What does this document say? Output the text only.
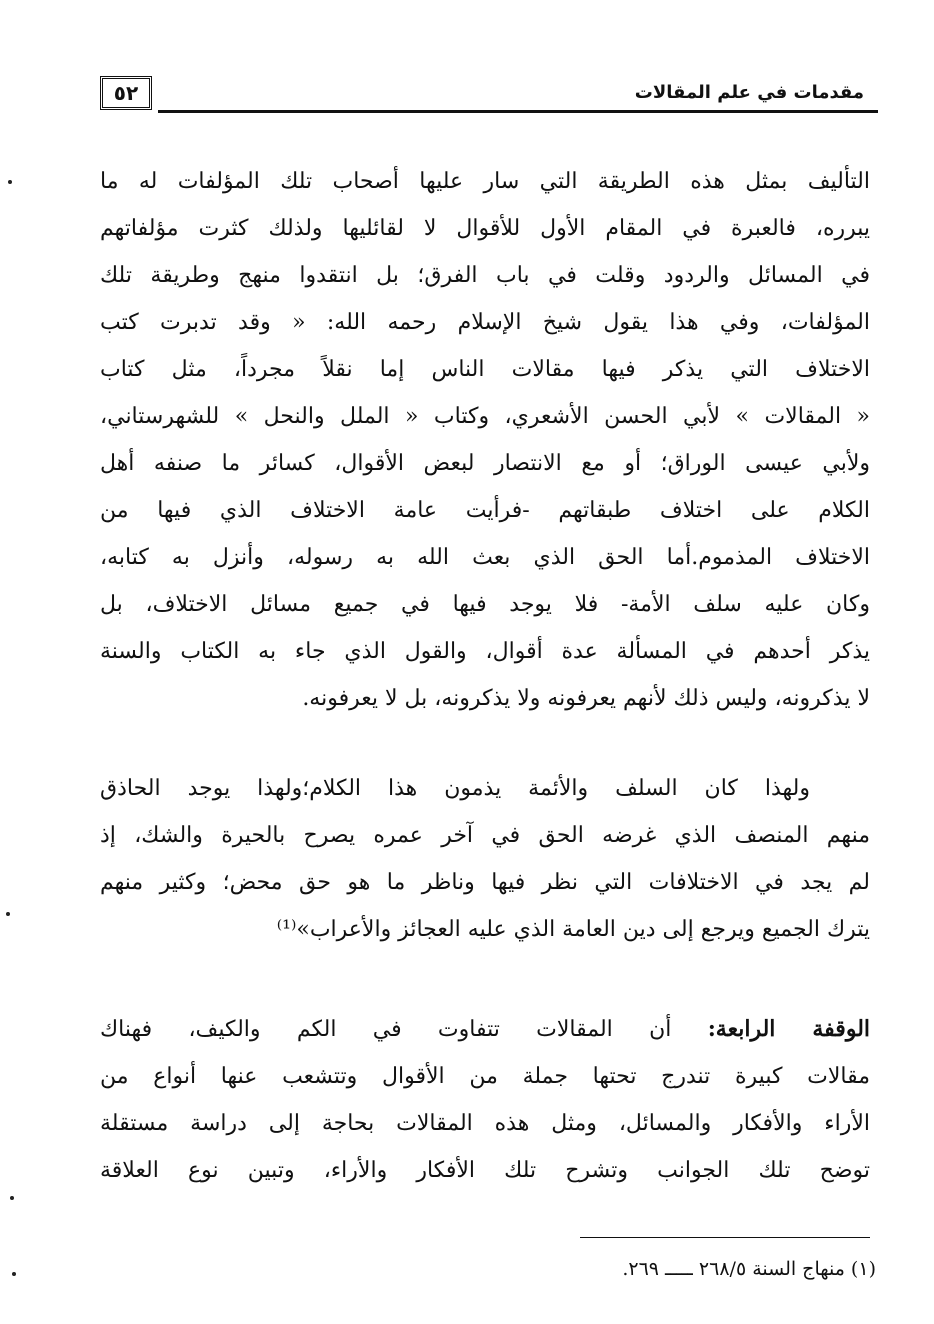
٥٢	مقدمات في علم المقالات
التأليف بمثل هذه الطريقة التي سار عليها أصحاب تلك المؤلفات له ما
يبرره، فالعبرة في المقام الأول للأقوال لا لقائليها ولذلك كثرت مؤلفاتهم
في المسائل والردود وقلت في باب الفرق؛ بل انتقدوا منهج وطريقة تلك
المؤلفات، وفي هذا يقول شيخ الإسلام رحمه الله: « وقد تدبرت كتب
الاختلاف التي يذكر فيها مقالات الناس إما نقلاً مجرداً، مثل كتاب
« المقالات » لأبي الحسن الأشعري، وكتاب « الملل والنحل » للشهرستاني،
ولأبي عيسى الوراق؛ أو مع الانتصار لبعض الأقوال، كسائر ما صنفه أهل
الكلام على اختلاف طبقاتهم -فرأيت عامة الاختلاف الذي فيها من
الاختلاف المذموم.أما الحق الذي بعث الله به رسوله، وأنزل به كتابه،
وكان عليه سلف الأمة- فلا يوجد فيها في جميع مسائل الاختلاف، بل
يذكر أحدهم في المسألة عدة أقوال، والقول الذي جاء به الكتاب والسنة
لا يذكرونه، وليس ذلك لأنهم يعرفونه ولا يذكرونه، بل لا يعرفونه.
ولهذا كان السلف والأئمة يذمون هذا الكلام؛ولهذا يوجد الحاذق
منهم المنصف الذي غرضه الحق في آخر عمره يصرح بالحيرة والشك، إذ
لم يجد في الاختلافات التي نظر فيها وناظر ما هو حق محض؛ وكثير منهم
يترك الجميع ويرجع إلى دين العامة الذي عليه العجائز والأعراب»⁽¹⁾
الوقفة الرابعة: أن المقالات تتفاوت في الكم والكيف، فهناك
مقالات كبيرة تندرج تحتها جملة من الأقوال وتتشعب عنها أنواع من
الأراء والأفكار والمسائل، ومثل هذه المقالات بحاجة إلى دراسة مستقلة
توضح تلك الجوانب وتشرح تلك الأفكار والأراء، وتبين نوع العلاقة
(١) منهاج السنة ٢٦٨/٥ ـــــ ٢٦٩.
